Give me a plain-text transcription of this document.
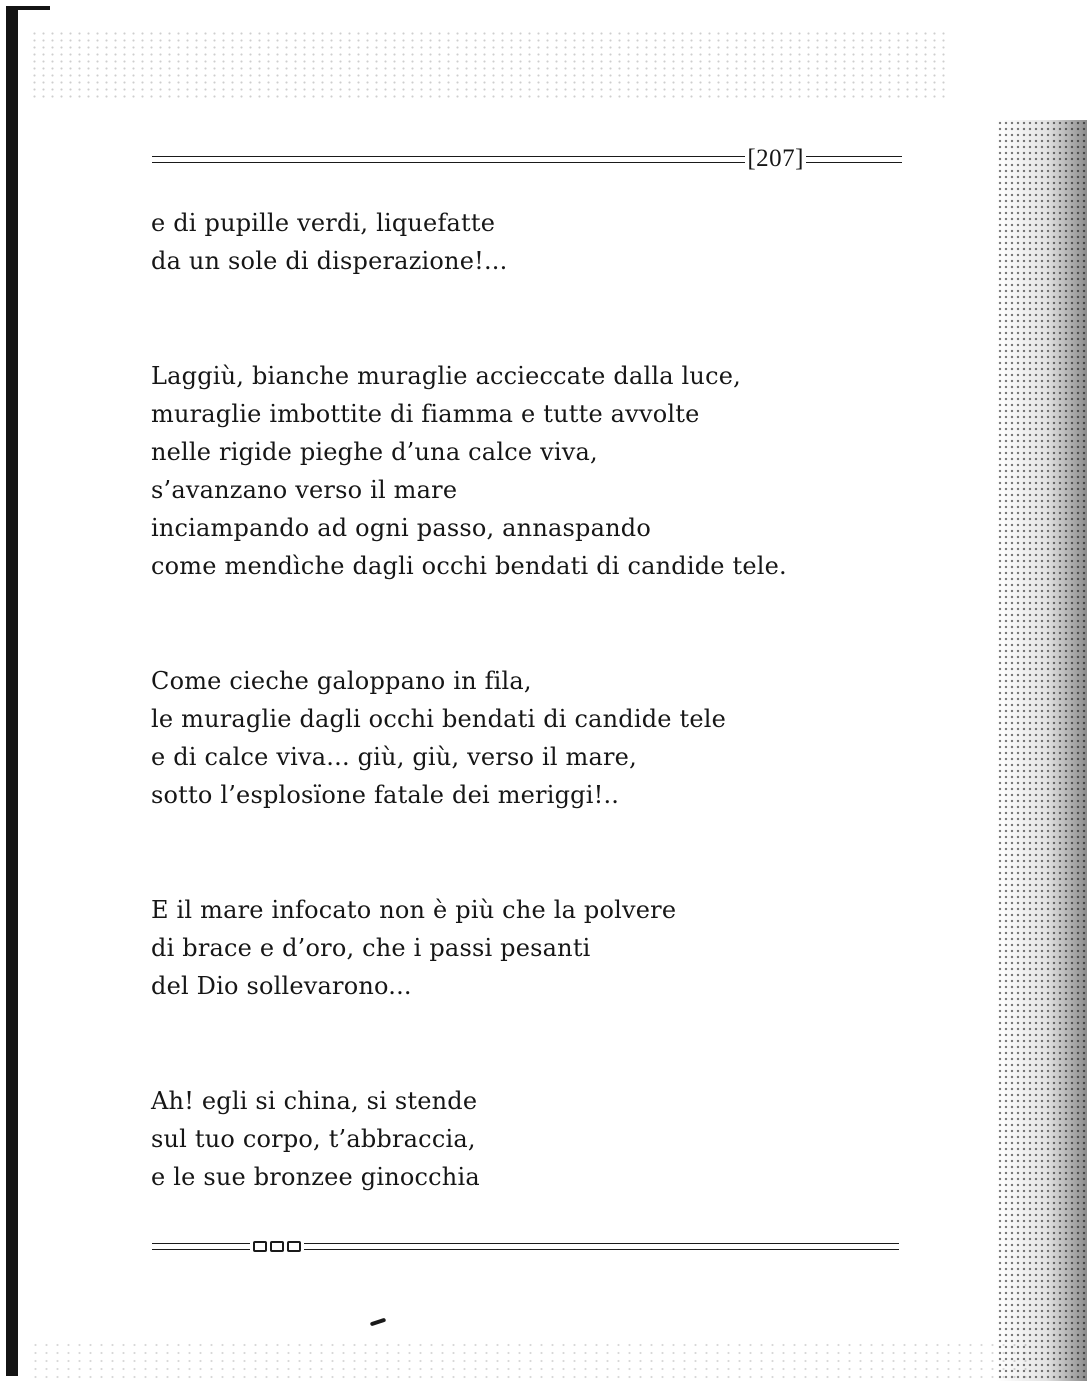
[207]
e di pupille verdi, liquefatte
da un sole di disperazione!...
Laggiù, bianche muraglie accieccate dalla luce,
muraglie imbottite di fiamma e tutte avvolte
nelle rigide pieghe d’una calce viva,
s’avanzano verso il mare
inciampando ad ogni passo, annaspando
come mendìche dagli occhi bendati di candide tele.
Come cieche galoppano in fila,
le muraglie dagli occhi bendati di candide tele
e di calce viva... giù, giù, verso il mare,
sotto l’esplosïone fatale dei meriggi!..
E il mare infocato non è più che la polvere
di brace e d’oro, che i passi pesanti
del Dio sollevarono...
Ah! egli si china, si stende
sul tuo corpo, t’abbraccia,
e le sue bronzee ginocchia
